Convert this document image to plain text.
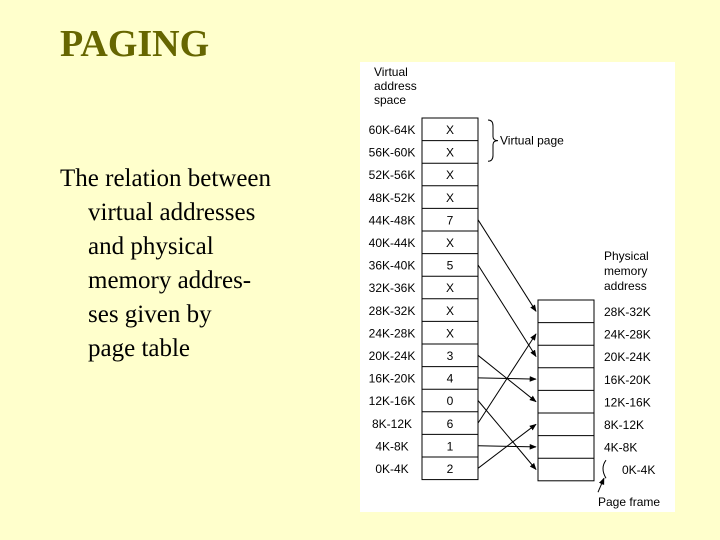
PAGING
The relation between
virtual addresses
and physical
memory addres-
ses given by
page table
Virtual
address
space
60K-64K	X
56K-60K	X
52K-56K	X
48K-52K	X
44K-48K	7
40K-44K	X
36K-40K	5
32K-36K	X
28K-32K	X
24K-28K	X
20K-24K	3
16K-20K	4
12K-16K	0
8K-12K	6
4K-8K	1
0K-4K	2
Virtual page
Physical
memory
address
28K-32K
24K-28K
20K-24K
16K-20K
12K-16K
8K-12K
4K-8K
0K-4K
Page frame
